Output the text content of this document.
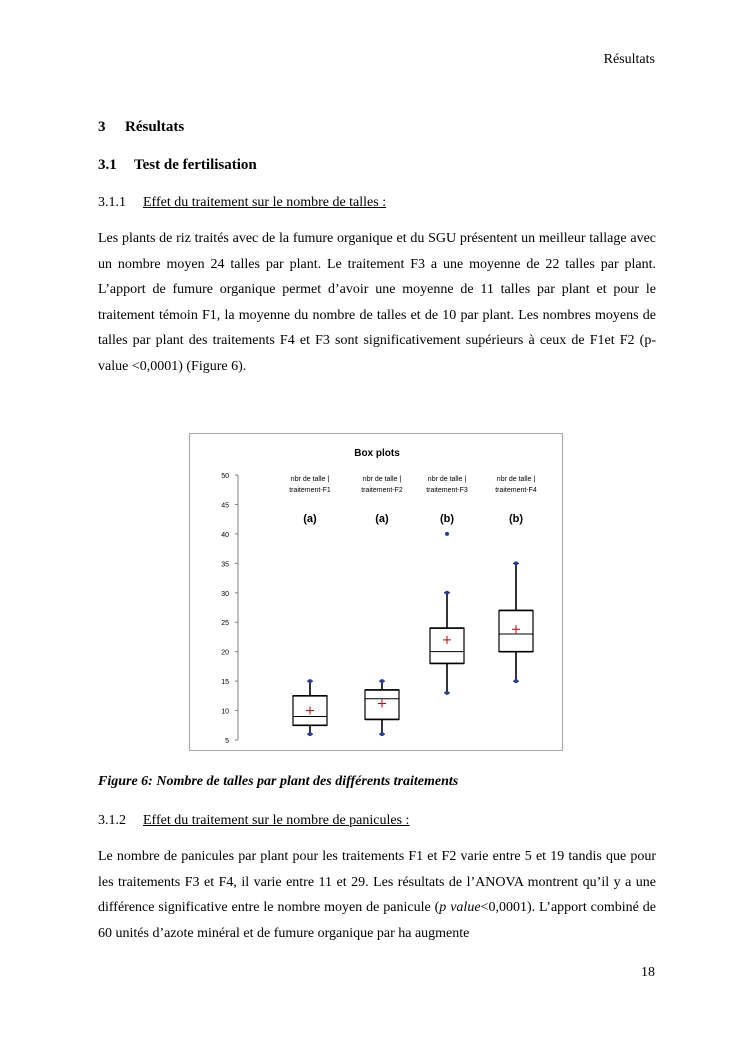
Résultats
3 Résultats
3.1 Test de fertilisation
3.1.1 Effet du traitement sur le nombre de talles :
Les plants de riz traités avec de la fumure organique et du SGU présentent un meilleur tallage avec un nombre moyen 24 talles par plant. Le traitement F3 a une moyenne de 22 talles par plant. L’apport de fumure organique permet d’avoir une moyenne de 11 talles par plant et pour le traitement témoin F1, la moyenne du nombre de talles et de 10 par plant. Les nombres moyens de talles par plant des traitements F4 et F3 sont significativement supérieurs à ceux de F1et F2 (p-value <0,0001) (Figure 6).
Box plots
5
10
15
20
25
30
35
40
45
50	nbr de talle |
traitement-F1
(a)
nbr de talle |
traitement-F2
(a)
nbr de talle |
traitement-F3
(b)
nbr de talle |
traitement-F4
(b)
Figure 6: Nombre de talles par plant des différents traitements
3.1.2 Effet du traitement sur le nombre de panicules :
Le nombre de panicules par plant pour les traitements F1 et F2 varie entre 5 et 19 tandis que pour les traitements F3 et F4, il varie entre 11 et 29. Les résultats de l’ANOVA montrent qu’il y a une différence significative entre le nombre moyen de panicule (p value<0,0001). L’apport combiné de 60 unités d’azote minéral et de fumure organique par ha augmente
18
